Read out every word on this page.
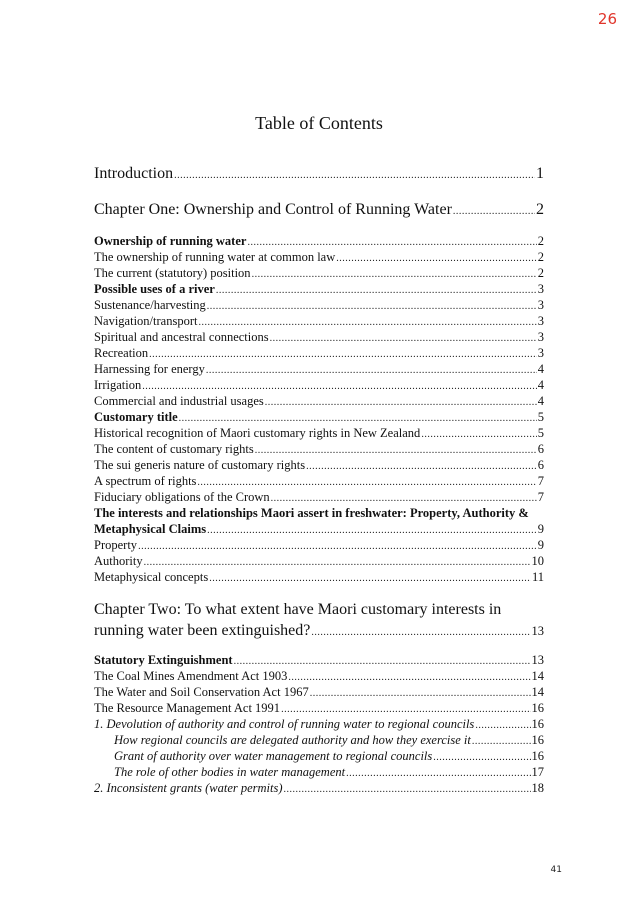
26
Table of Contents
Introduction .....	1
Chapter One: Ownership and Control of Running Water .....	2
Ownership of running water .....	2
The ownership of running water at common law .....	2
The current (statutory) position .....	2
Possible uses of a river .....	3
Sustenance/harvesting .....	3
Navigation/transport .....	3
Spiritual and ancestral connections .....	3
Recreation .....	3
Harnessing for energy .....	4
Irrigation .....	4
Commercial and industrial usages .....	4
Customary title .....	5
Historical recognition of Maori customary rights in New Zealand .....	5
The content of customary rights .....	6
The sui generis nature of customary rights .....	6
A spectrum of rights .....	7
Fiduciary obligations of the Crown .....	7
The interests and relationships Maori assert in freshwater: Property, Authority &
Metaphysical Claims .....	9
Property .....	9
Authority .....	10
Metaphysical concepts .....	11
Chapter Two: To what extent have Maori customary interests in
running water been extinguished? .....	13
Statutory Extinguishment .....	13
The Coal Mines Amendment Act 1903 .....	14
The Water and Soil Conservation Act 1967 .....	14
The Resource Management Act 1991 .....	16
1. Devolution of authority and control of running water to regional councils .....	16
How regional councils are delegated authority and how they exercise it .....	16
Grant of authority over water management to regional councils .....	16
The role of other bodies in water management .....	17
2. Inconsistent grants (water permits) .....	18
41
